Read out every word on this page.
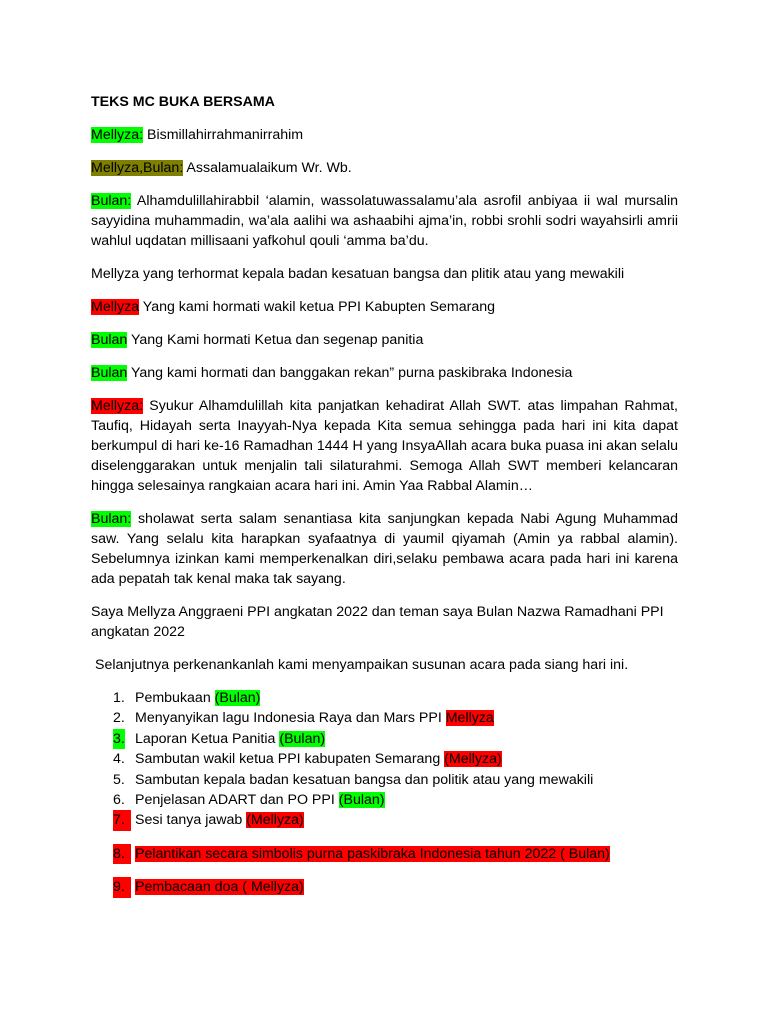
TEKS MC BUKA BERSAMA

Mellyza: Bismillahirrahmanirrahim

Mellyza,Bulan: Assalamualaikum Wr. Wb.

Bulan: Alhamdulillahirabbil ‘alamin, wassolatuwassalamu’ala asrofil anbiyaa ii wal mursalin sayyidina muhammadin, wa’ala aalihi wa ashaabihi ajma’in, robbi srohli sodri wayahsirli amrii wahlul uqdatan millisaani yafkohul qouli ‘amma ba’du.

Mellyza yang terhormat kepala badan kesatuan bangsa dan plitik atau yang mewakili

Mellyza Yang kami hormati wakil ketua PPI Kabupten Semarang

Bulan Yang Kami hormati Ketua dan segenap panitia

Bulan Yang kami hormati dan banggakan rekan” purna paskibraka Indonesia

Mellyza: Syukur Alhamdulillah kita panjatkan kehadirat Allah SWT. atas limpahan Rahmat, Taufiq, Hidayah serta Inayyah-Nya kepada Kita semua sehingga pada hari ini kita dapat berkumpul di hari ke-16 Ramadhan 1444 H yang InsyaAllah acara buka puasa ini akan selalu diselenggarakan untuk menjalin tali silaturahmi. Semoga Allah SWT memberi kelancaran hingga selesainya rangkaian acara hari ini. Amin Yaa Rabbal Alamin…

Bulan: sholawat serta salam senantiasa kita sanjungkan kepada Nabi Agung Muhammad saw. Yang selalu kita harapkan syafaatnya di yaumil qiyamah (Amin ya rabbal alamin). Sebelumnya izinkan kami memperkenalkan diri,selaku pembawa acara pada hari ini karena ada pepatah tak kenal maka tak sayang.

Saya Mellyza Anggraeni PPI angkatan 2022 dan teman saya Bulan Nazwa Ramadhani PPI angkatan 2022

Selanjutnya perkenankanlah kami menyampaikan susunan acara pada siang hari ini.

1. Pembukaan (Bulan)
2. Menyanyikan lagu Indonesia Raya dan Mars PPI Mellyza
3. Laporan Ketua Panitia (Bulan)
4. Sambutan wakil ketua PPI kabupaten Semarang (Mellyza)
5. Sambutan kepala badan kesatuan bangsa dan politik atau yang mewakili
6. Penjelasan ADART dan PO PPI (Bulan)
7. Sesi tanya jawab (Mellyza)
8. Pelantikan secara simbolis purna paskibraka Indonesia tahun 2022 ( Bulan)
9. Pembacaan doa ( Mellyza)
